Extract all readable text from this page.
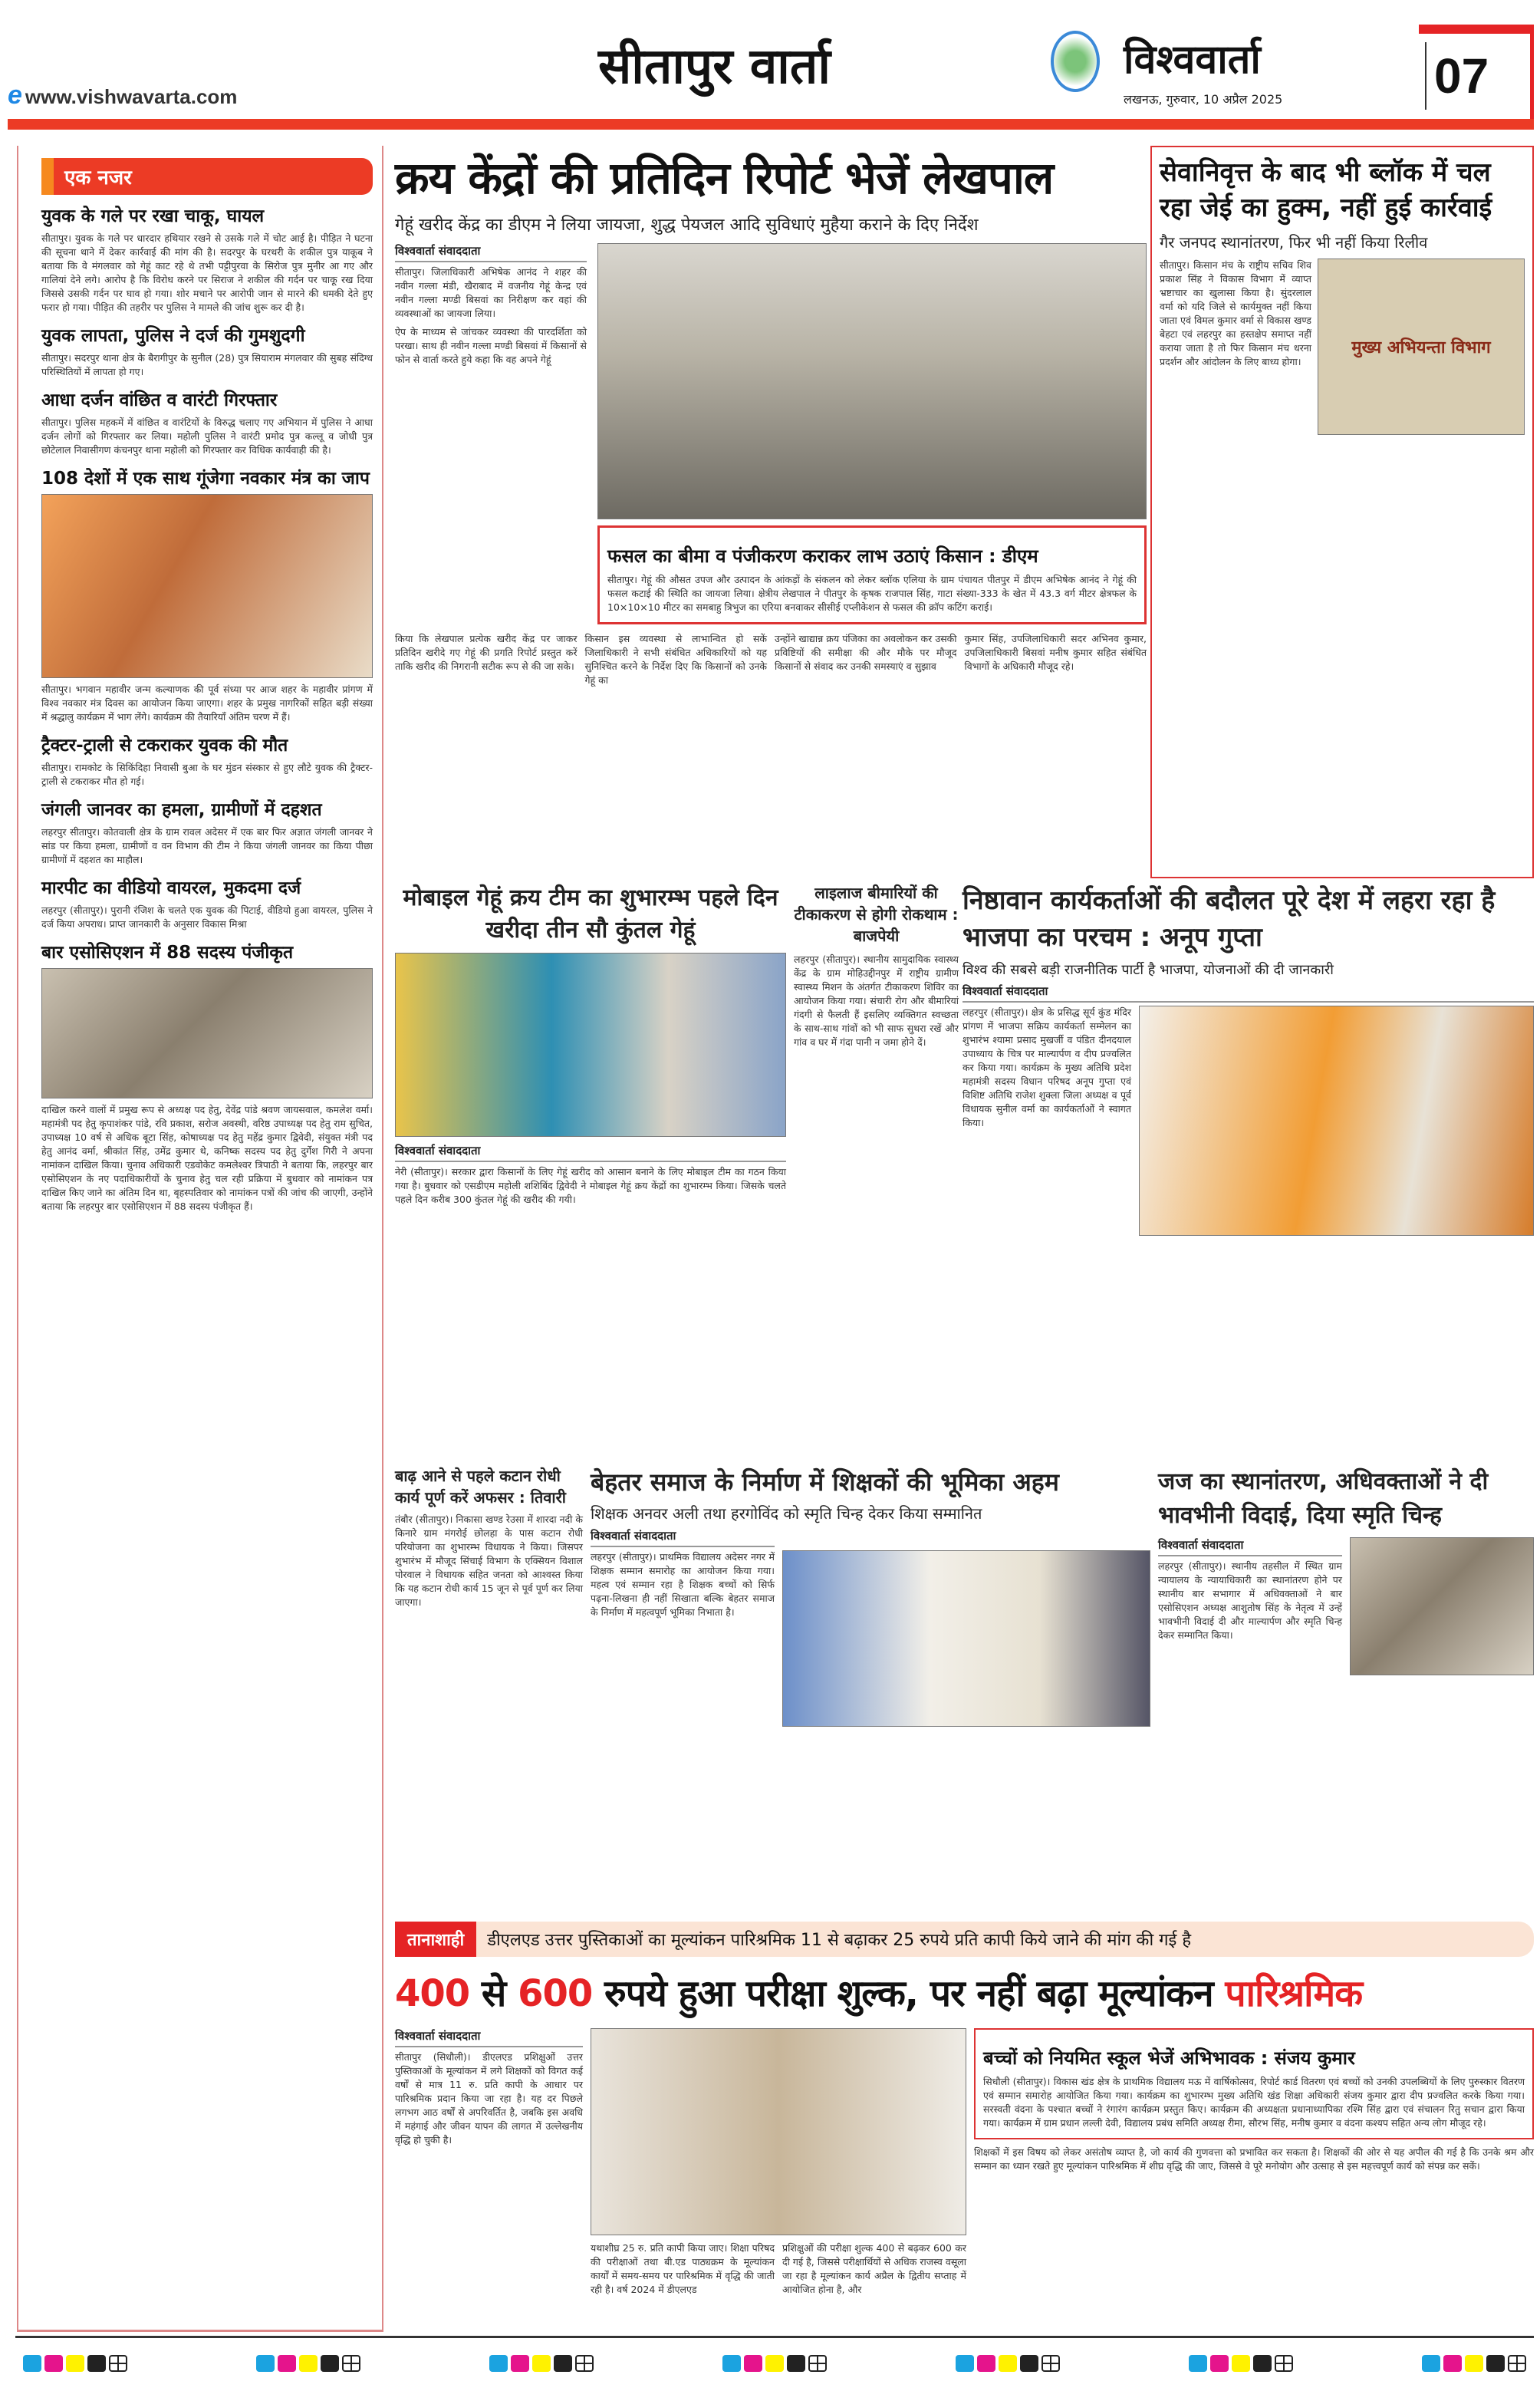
e www.vishwavarta.com
सीतापुर वार्ता	विश्ववार्ता
लखनऊ, गुरुवार, 10 अप्रैल 2025	07
एक नजर
युवक के गले पर रखा चाकू, घायल

सीतापुर। युवक के गले पर धारदार हथियार रखने से उसके गले में चोट आई है। पीड़ित ने घटना की सूचना थाने में देकर कार्रवाई की मांग की है। सदरपुर के घरथरी के शकील पुत्र याकूब ने बताया कि वे मंगलवार को गेहूं काट रहे थे तभी पट्टीपुरवा के सिरोज पुत्र मुनीर आ गए और गालियां देने लगे। आरोप है कि विरोध करने पर सिराज ने शकील की गर्दन पर चाकू रख दिया जिससे उसकी गर्दन पर घाव हो गया। शोर मचाने पर आरोपी जान से मारने की धमकी देते हुए फरार हो गया। पीड़ित की तहरीर पर पुलिस ने मामले की जांच शुरू कर दी है।

युवक लापता, पुलिस ने दर्ज की गुमशुदगी

सीतापुर। सदरपुर थाना क्षेत्र के बैरागीपुर के सुनील (28) पुत्र सियाराम मंगलवार की सुबह संदिग्ध परिस्थितियों में लापता हो गए।

आधा दर्जन वांछित व वारंटी गिरफ्तार

सीतापुर। पुलिस महकमें में वांछित व वारंटियों के विरुद्ध चलाए गए अभियान में पुलिस ने आधा दर्जन लोगों को गिरफ्तार कर लिया। महोली पुलिस ने वारंटी प्रमोद पुत्र कल्लू व जोधी पुत्र छोटेलाल निवासीगण कंचनपुर थाना महोली को गिरफ्तार कर विधिक कार्यवाही की है।

108 देशों में एक साथ गूंजेगा नवकार मंत्र का जाप

सीतापुर। भगवान महावीर जन्म कल्याणक की पूर्व संध्या पर आज शहर के महावीर प्रांगण में विश्व नवकार मंत्र दिवस का आयोजन किया जाएगा। शहर के प्रमुख नागरिकों सहित बड़ी संख्या में श्रद्धालु कार्यक्रम में भाग लेंगे। कार्यक्रम की तैयारियाँ अंतिम चरण में हैं।

ट्रैक्टर-ट्राली से टकराकर युवक की मौत

सीतापुर। रामकोट के सिकिंदिहा निवासी बुआ के घर मुंडन संस्कार से हुए लौटे युवक की ट्रैक्टर-ट्राली से टकराकर मौत हो गई।

जंगली जानवर का हमला, ग्रामीणों में दहशत

लहरपुर सीतापुर। कोतवाली क्षेत्र के ग्राम रावल अदेसर में एक बार फिर अज्ञात जंगली जानवर ने सांड पर किया हमला, ग्रामीणों व वन विभाग की टीम ने किया जंगली जानवर का किया पीछा ग्रामीणों में दहशत का माहौल।

मारपीट का वीडियो वायरल, मुकदमा दर्ज

लहरपुर (सीतापुर)। पुरानी रंजिश के चलते एक युवक की पिटाई, वीडियो हुआ वायरल, पुलिस ने दर्ज किया अपराध। प्राप्त जानकारी के अनुसार विकास मिश्रा

बार एसोसिएशन में 88 सदस्य पंजीकृत

दाखिल करने वालों में प्रमुख रूप से अध्यक्ष पद हेतु, देवेंद्र पांडे श्रवण जायसवाल, कमलेश वर्मा। महामंत्री पद हेतु कृपाशंकर पांडे, रवि प्रकाश, सरोज अवस्थी, वरिष्ठ उपाध्यक्ष पद हेतु राम सुचित, उपाध्यक्ष 10 वर्ष से अधिक बूटा सिंह, कोषाध्यक्ष पद हेतु महेंद्र कुमार द्विवेदी, संयुक्त मंत्री पद हेतु आनंद वर्मा, श्रीकांत सिंह, उमेंद्र कुमार थे, कनिष्क सदस्य पद हेतु दुर्गेश गिरी ने अपना नामांकन दाखिल किया। चुनाव अधिकारी एडवोकेट कमलेश्वर त्रिपाठी ने बताया कि, लहरपुर बार एसोसिएशन के नए पदाधिकारीयों के चुनाव हेतु चल रही प्रक्रिया में बुधवार को नामांकन पत्र दाखिल किए जाने का अंतिम दिन था, बृहस्पतिवार को नामांकन पत्रों की जांच की जाएगी, उन्होंने बताया कि लहरपुर बार एसोसिएशन में 88 सदस्य पंजीकृत हैं।

क्रय केंद्रों की प्रतिदिन रिपोर्ट भेजें लेखपाल
गेहूं खरीद केंद्र का डीएम ने लिया जायजा, शुद्ध पेयजल आदि सुविधाएं मुहैया कराने के दिए निर्देश
विश्ववार्ता संवाददाता

सीतापुर। जिलाधिकारी अभिषेक आनंद ने शहर की नवीन गल्ला मंडी, खैराबाद में वजनीय गेहूं केन्द्र एवं नवीन गल्ला मण्डी बिसवां का निरीक्षण कर वहां की व्यवस्थाओं का जायजा लिया।

ऐप के माध्यम से जांचकर व्यवस्था की पारदर्शिता को परखा। साथ ही नवीन गल्ला मण्डी बिसवां में किसानों से फोन से वार्ता करते हुये कहा कि वह अपने गेहूं

फसल का बीमा व पंजीकरण कराकर लाभ उठाएं किसान : डीएम

सीतापुर। गेहूं की औसत उपज और उत्पादन के आंकड़ों के संकलन को लेकर ब्लॉक एलिया के ग्राम पंचायत पीतपुर में डीएम अभिषेक आनंद ने गेहूं की फसल कटाई की स्थिति का जायजा लिया। क्षेत्रीय लेखपाल ने पीतपुर के कृषक राजपाल सिंह, गाटा संख्या-333 के खेत में 43.3 वर्ग मीटर क्षेत्रफल के 10×10×10 मीटर का समबाहु त्रिभुज का एरिया बनवाकर सीसीई एप्लीकेशन से फसल की क्रॉप कटिंग कराई।

किया कि लेखपाल प्रत्येक खरीद केंद्र पर जाकर प्रतिदिन खरीदे गए गेहूं की प्रगति रिपोर्ट प्रस्तुत करें ताकि खरीद की निगरानी सटीक रूप से की जा सके।

किसान इस व्यवस्था से लाभान्वित हो सकें जिलाधिकारी ने सभी संबंधित अधिकारियों को यह सुनिश्चित करने के निर्देश दिए कि किसानों को उनके गेहूं का

उन्होंने खाद्यान्न क्रय पंजिका का अवलोकन कर उसकी प्रविष्टियों की समीक्षा की और मौके पर मौजूद किसानों से संवाद कर उनकी समस्याएं व सुझाव

कुमार सिंह, उपजिलाधिकारी सदर अभिनव कुमार, उपजिलाधिकारी बिसवां मनीष कुमार सहित संबंधित विभागों के अधिकारी मौजूद रहे।

सेवानिवृत्त के बाद भी ब्लॉक में चल रहा जेई का हुक्म, नहीं हुई कार्रवाई
गैर जनपद स्थानांतरण, फिर भी नहीं किया रिलीव

सीतापुर। किसान मंच के राष्ट्रीय सचिव शिव प्रकाश सिंह ने विकास विभाग में व्याप्त भ्रष्टाचार का खुलासा किया है। सुंदरलाल वर्मा को यदि जिले से कार्यमुक्त नहीं किया जाता एवं विमल कुमार वर्मा से विकास खण्ड बेहटा एवं लहरपुर का हस्तक्षेप समाप्त नहीं कराया जाता है तो फिर किसान मंच धरना प्रदर्शन और आंदोलन के लिए बाध्य होगा।

मुख्य अभियन्ता विभाग
मोबाइल गेहूं क्रय टीम का शुभारम्भ पहले दिन खरीदा तीन सौ कुंतल गेहूं
विश्ववार्ता संवाददाता

नेरी (सीतापुर)। सरकार द्वारा किसानों के लिए गेहूं खरीद को आसान बनाने के लिए मोबाइल टीम का गठन किया गया है। बुधवार को एसडीएम महोली शशिबिंद द्विवेदी ने मोबाइल गेहूं क्रय केंद्रों का शुभारम्भ किया। जिसके चलते पहले दिन करीब 300 कुंतल गेहूं की खरीद की गयी।

लाइलाज बीमारियों की टीकाकरण से होगी रोकथाम : बाजपेयी

लहरपुर (सीतापुर)। स्थानीय सामुदायिक स्वास्थ्य केंद्र के ग्राम मोहिउद्दीनपुर में राष्ट्रीय ग्रामीण स्वास्थ्य मिशन के अंतर्गत टीकाकरण शिविर का आयोजन किया गया। संचारी रोग और बीमारियां गंदगी से फैलती हैं इसलिए व्यक्तिगत स्वच्छता के साथ-साथ गांवों को भी साफ सुथरा रखें और गांव व घर में गंदा पानी न जमा होने दें।

निष्ठावान कार्यकर्ताओं की बदौलत पूरे देश में लहरा रहा है भाजपा का परचम : अनूप गुप्ता
विश्व की सबसे बड़ी राजनीतिक पार्टी है भाजपा, योजनाओं की दी जानकारी
विश्ववार्ता संवाददाता

लहरपुर (सीतापुर)। क्षेत्र के प्रसिद्ध सूर्य कुंड मंदिर प्रांगण में भाजपा सक्रिय कार्यकर्ता सम्मेलन का शुभारंभ श्यामा प्रसाद मुखर्जी व पंडित दीनदयाल उपाध्याय के चित्र पर माल्यार्पण व दीप प्रज्वलित कर किया गया। कार्यक्रम के मुख्य अतिथि प्रदेश महामंत्री सदस्य विधान परिषद अनूप गुप्ता एवं विशिष्ट अतिथि राजेश शुक्ला जिला अध्यक्ष व पूर्व विधायक सुनील वर्मा का कार्यकर्ताओं ने स्वागत किया।

बाढ़ आने से पहले कटान रोधी कार्य पूर्ण करें अफसर : तिवारी

तंबौर (सीतापुर)। निकासा खण्ड रेउसा में शारदा नदी के किनारे ग्राम मंगरोई छोलहा के पास कटान रोधी परियोजना का शुभारम्भ विधायक ने किया। जिसपर शुभारंभ में मौजूद सिंचाई विभाग के एक्सियन विशाल पोरवाल ने विधायक सहित जनता को आश्वस्त किया कि यह कटान रोधी कार्य 15 जून से पूर्व पूर्ण कर लिया जाएगा।

बेहतर समाज के निर्माण में शिक्षकों की भूमिका अहम
शिक्षक अनवर अली तथा हरगोविंद को स्मृति चिन्ह देकर किया सम्मानित
विश्ववार्ता संवाददाता

लहरपुर (सीतापुर)। प्राथमिक विद्यालय अदेसर नगर में शिक्षक सम्मान समारोह का आयोजन किया गया। महत्व एवं सम्मान रहा है शिक्षक बच्चों को सिर्फ पढ़ना-लिखना ही नहीं सिखाता बल्कि बेहतर समाज के निर्माण में महत्वपूर्ण भूमिका निभाता है।

जज का स्थानांतरण, अधिवक्ताओं ने दी भावभीनी विदाई, दिया स्मृति चिन्ह
विश्ववार्ता संवाददाता

लहरपुर (सीतापुर)। स्थानीय तहसील में स्थित ग्राम न्यायालय के न्यायाधिकारी का स्थानांतरण होने पर स्थानीय बार सभागार में अधिवक्ताओं ने बार एसोसिएशन अध्यक्ष आशुतोष सिंह के नेतृत्व में उन्हें भावभीनी विदाई दी और माल्यार्पण और स्मृति चिन्ह देकर सम्मानित किया।

तानाशाही	डीएलएड उत्तर पुस्तिकाओं का मूल्यांकन पारिश्रमिक 11 से बढ़ाकर 25 रुपये प्रति कापी किये जाने की मांग की गई है
400 से 600 रुपये हुआ परीक्षा शुल्क, पर नहीं बढ़ा मूल्यांकन पारिश्रमिक
विश्ववार्ता संवाददाता

सीतापुर (सिधौली)। डीएलएड प्रशिक्षुओं उत्तर पुस्तिकाओं के मूल्यांकन में लगे शिक्षकों को विगत कई वर्षों से मात्र 11 रु. प्रति कापी के आधार पर पारिश्रमिक प्रदान किया जा रहा है। यह दर पिछले लगभग आठ वर्षों से अपरिवर्तित है, जबकि इस अवधि में महंगाई और जीवन यापन की लागत में उल्लेखनीय वृद्धि हो चुकी है।

यथाशीघ्र 25 रु. प्रति कापी किया जाए। शिक्षा परिषद की परीक्षाओं तथा बी.एड पाठ्यक्रम के मूल्यांकन कार्यों में समय-समय पर पारिश्रमिक में वृद्धि की जाती रही है। वर्ष 2024 में डीएलएड

प्रशिक्षुओं की परीक्षा शुल्क 400 से बढ़कर 600 कर दी गई है, जिससे परीक्षार्थियों से अधिक राजस्व वसूला जा रहा है मूल्यांकन कार्य अप्रैल के द्वितीय सप्ताह में आयोजित होना है, और

बच्चों को नियमित स्कूल भेजें अभिभावक : संजय कुमार

सिधौली (सीतापुर)। विकास खंड क्षेत्र के प्राथमिक विद्यालय मऊ में वार्षिकोत्सव, रिपोर्ट कार्ड वितरण एवं बच्चों को उनकी उपलब्धियों के लिए पुरुस्कार वितरण एवं सम्मान समारोह आयोजित किया गया। कार्यक्रम का शुभारम्भ मुख्य अतिथि खंड शिक्षा अधिकारी संजय कुमार द्वारा दीप प्रज्वलित करके किया गया। सरस्वती वंदना के पश्चात बच्चों ने रंगारंग कार्यक्रम प्रस्तुत किए। कार्यक्रम की अध्यक्षता प्रधानाध्यापिका रश्मि सिंह द्वारा एवं संचालन रितु सचान द्वारा किया गया। कार्यक्रम में ग्राम प्रधान लल्ली देवी, विद्यालय प्रबंध समिति अध्यक्ष रीमा, सौरभ सिंह, मनीष कुमार व वंदना कश्यप सहित अन्य लोग मौजूद रहे।

शिक्षकों में इस विषय को लेकर असंतोष व्याप्त है, जो कार्य की गुणवत्ता को प्रभावित कर सकता है। शिक्षकों की ओर से यह अपील की गई है कि उनके श्रम और सम्मान का ध्यान रखते हुए मूल्यांकन पारिश्रमिक में शीघ्र वृद्धि की जाए, जिससे वे पूरे मनोयोग और उत्साह से इस महत्त्वपूर्ण कार्य को संपन्न कर सकें।
